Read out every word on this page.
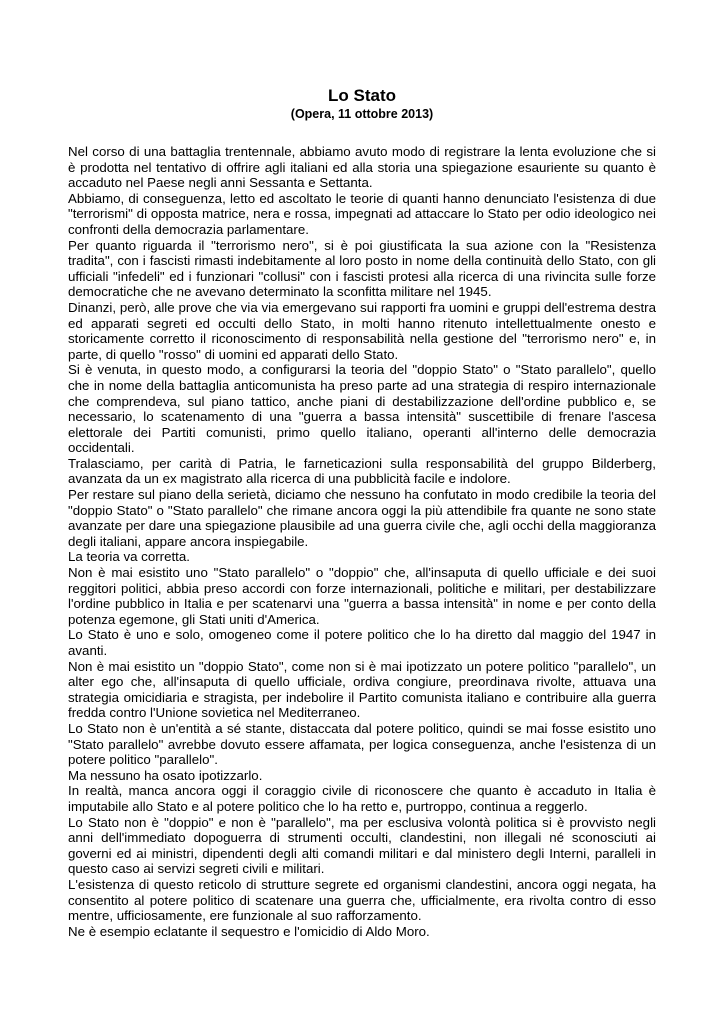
Lo Stato
(Opera, 11 ottobre 2013)

Nel corso di una battaglia trentennale, abbiamo avuto modo di registrare la lenta evoluzione che si è prodotta nel tentativo di offrire agli italiani ed alla storia una spiegazione esauriente su quanto è accaduto nel Paese negli anni Sessanta e Settanta.

Abbiamo, di conseguenza, letto ed ascoltato le teorie di quanti hanno denunciato l'esistenza di due "terrorismi" di opposta matrice, nera e rossa, impegnati ad attaccare lo Stato per odio ideologico nei confronti della democrazia parlamentare.

Per quanto riguarda il "terrorismo nero", si è poi giustificata la sua azione con la "Resistenza tradita", con i fascisti rimasti indebitamente al loro posto in nome della continuità dello Stato, con gli ufficiali "infedeli" ed i funzionari "collusi" con i fascisti protesi alla ricerca di una rivincita sulle forze democratiche che ne avevano determinato la sconfitta militare nel 1945.

Dinanzi, però, alle prove che via via emergevano sui rapporti fra uomini e gruppi dell'estrema destra ed apparati segreti ed occulti dello Stato, in molti hanno ritenuto intellettualmente onesto e storicamente corretto il riconoscimento di responsabilità nella gestione del "terrorismo nero" e, in parte, di quello "rosso" di uomini ed apparati dello Stato.

Si è venuta, in questo modo, a configurarsi la teoria del "doppio Stato" o "Stato parallelo", quello che in nome della battaglia anticomunista ha preso parte ad una strategia di respiro internazionale che comprendeva, sul piano tattico, anche piani di destabilizzazione dell'ordine pubblico e, se necessario, lo scatenamento di una "guerra a bassa intensità" suscettibile di frenare l'ascesa elettorale dei Partiti comunisti, primo quello italiano, operanti all'interno delle democrazia occidentali.

Tralasciamo, per carità di Patria, le farneticazioni sulla responsabilità del gruppo Bilderberg, avanzata da un ex magistrato alla ricerca di una pubblicità facile e indolore.

Per restare sul piano della serietà, diciamo che nessuno ha confutato in modo credibile la teoria del "doppio Stato" o "Stato parallelo" che rimane ancora oggi la più attendibile fra quante ne sono state avanzate per dare una spiegazione plausibile ad una guerra civile che, agli occhi della maggioranza degli italiani, appare ancora inspiegabile.

La teoria va corretta.

Non è mai esistito uno "Stato parallelo" o "doppio" che, all'insaputa di quello ufficiale e dei suoi reggitori politici, abbia preso accordi con forze internazionali, politiche e militari, per destabilizzare l'ordine pubblico in Italia e per scatenarvi una "guerra a bassa intensità" in nome e per conto della potenza egemone, gli Stati uniti d'America.

Lo Stato è uno e solo, omogeneo come il potere politico che lo ha diretto dal maggio del 1947 in avanti.

Non è mai esistito un "doppio Stato", come non si è mai ipotizzato un potere politico "parallelo", un alter ego che, all'insaputa di quello ufficiale, ordiva congiure, preordinava rivolte, attuava una strategia omicidiaria e stragista, per indebolire il Partito comunista italiano e contribuire alla guerra fredda contro l'Unione sovietica nel Mediterraneo.

Lo Stato non è un'entità a sé stante, distaccata dal potere politico, quindi se mai fosse esistito uno "Stato parallelo" avrebbe dovuto essere affamata, per logica conseguenza, anche l'esistenza di un potere politico "parallelo".

Ma nessuno ha osato ipotizzarlo.

In realtà, manca ancora oggi il coraggio civile di riconoscere che quanto è accaduto in Italia è imputabile allo Stato e al potere politico che lo ha retto e, purtroppo, continua a reggerlo.

Lo Stato non è "doppio" e non è "parallelo", ma per esclusiva volontà politica si è provvisto negli anni dell'immediato dopoguerra di strumenti occulti, clandestini, non illegali né sconosciuti ai governi ed ai ministri, dipendenti degli alti comandi militari e dal ministero degli Interni, paralleli in questo caso ai servizi segreti civili e militari.

L'esistenza di questo reticolo di strutture segrete ed organismi clandestini, ancora oggi negata, ha consentito al potere politico di scatenare una guerra che, ufficialmente, era rivolta contro di esso mentre, ufficiosamente, ere funzionale al suo rafforzamento.

Ne è esempio eclatante il sequestro e l'omicidio di Aldo Moro.
